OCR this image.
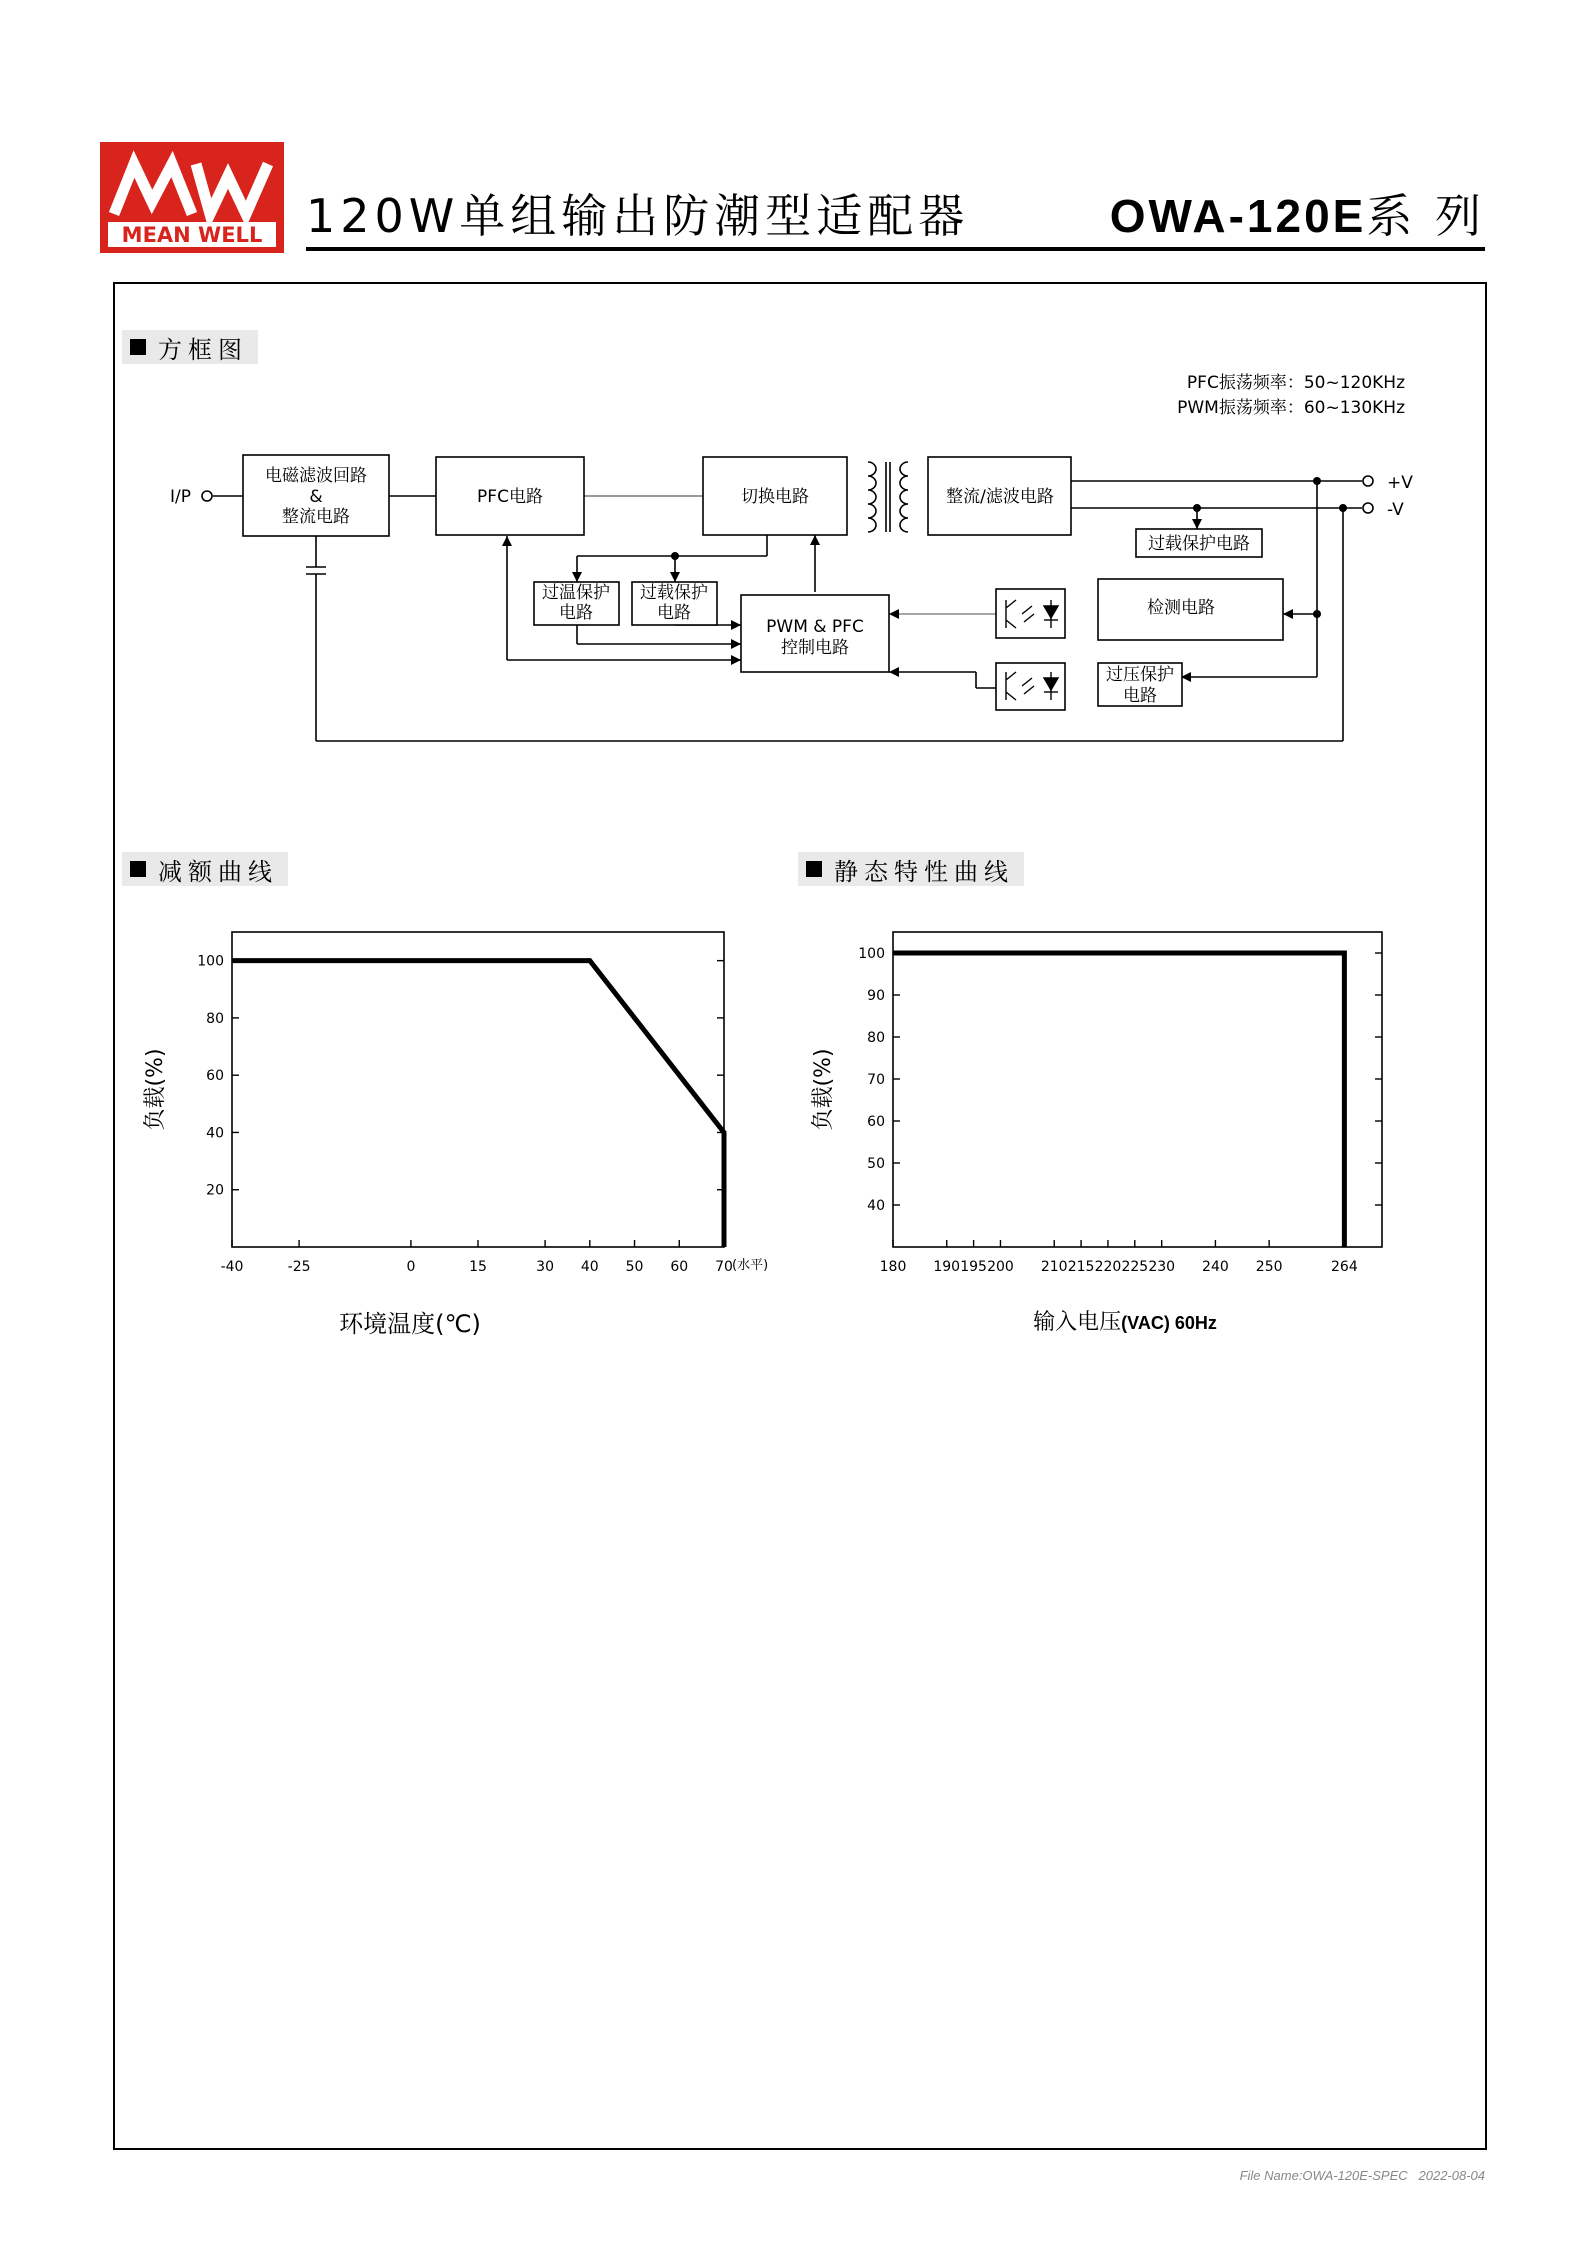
MEAN WELL 120W单组输出防潮型适配器	OWA-120E系 列
方框图
PFC振荡频率：50~120KHz
PWM振荡频率：60~130KHz
I/P
电磁滤波回路
&
整流电路
PFC电路	切换电路	整流/滤波电路
过载保护电路
检测电路
过温保护
电路
过载保护
电路
PWM & PFC
控制电路
过压保护
电路
+V
-V
减额曲线
-40	-25	0	15	30 40 50 60 70
20
40
60
80
100
负载(%)
(水平)
环境温度(℃)
静态特性曲线
180 190 195 200 210 215 220 225 230 240 250	264
40
50
60
70
80
90
100
负载(%)
输入电压(VAC) 60Hz
File Name:OWA-120E-SPEC   2022-08-04
